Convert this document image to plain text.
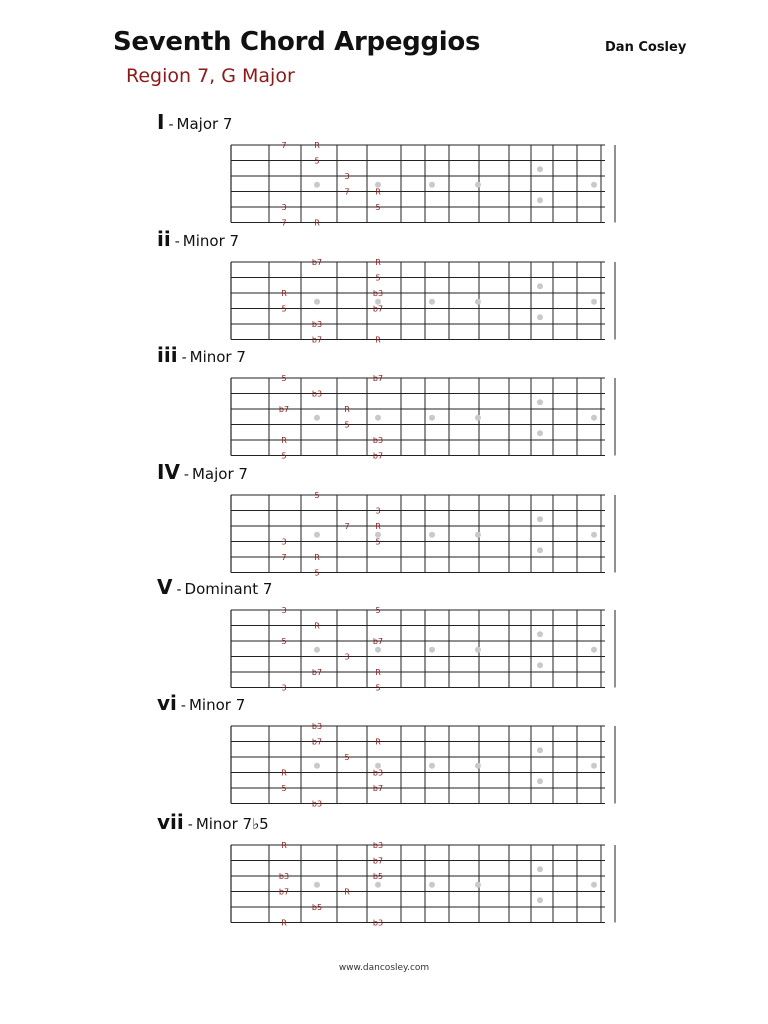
Seventh Chord Arpeggios	Dan Cosley
Region 7, G Major
I - Major 7
7	R
5
3
7	R
5
3
7	R
ii - Minor 7
b7	R
5
R	b3
5	b7
b3
b7	R
iii - Minor 7
5	b7
b3
b7	R
5
R	b3
5	b7
IV - Major 7
5
3
7	R
3	5
7	R
5
V - Dominant 7
3	5
R
5	b7
3
b7	R
3	5
vi - Minor 7
b3
b7	R
5
R	b3
5	b7
b3
vii - Minor 7♭5
R	b3
b7
b3	b5
b7	R
b5
R	b3
www.dancosley.com
